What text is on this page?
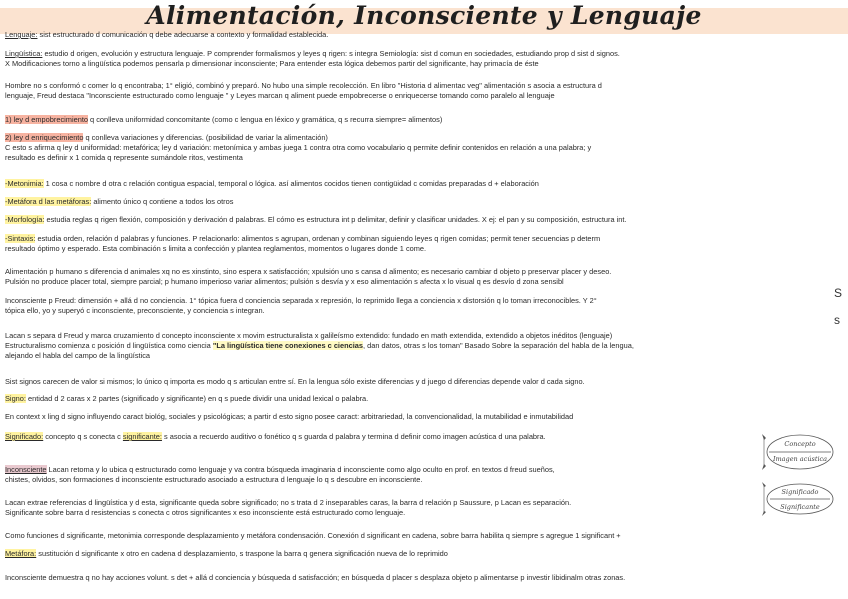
Alimentación, Inconsciente y Lenguaje
Lenguaje: sist estructurado d comunicación q debe adecuarse a contexto y formalidad establecida.
Lingüística: estudio d origen, evolución y estructura lenguaje. P comprender formalismos y leyes q rigen: s integra Semiología: sist d comun en sociedades, estudiando prop d sist d signos.
X Modificaciones torno a lingüística podemos pensarla p dimensionar inconsciente; Para entender esta lógica debemos partir del significante, hay primacía de éste
Hombre no s conformó c comer lo q encontraba; 1° eligió, combinó y preparó. No hubo una simple recolección. En libro "Historia d alimentac veg" alimentación s asocia a estructura d
lenguaje, Freud destaca "Inconsciente estructurado como lenguaje " y Leyes marcan q aliment puede empobrecerse o enriquecerse tomando como paralelo al lenguaje
1) ley d empobrecimiento q conlleva uniformidad concomitante (como c lengua en léxico y gramática, q s recurra siempre= alimentos)
2) ley d enriquecimiento q conlleva variaciones y diferencias. (posibilidad de variar la alimentación)
C esto s afirma q ley d uniformidad: metafórica; ley d variación: metonímica y ambas juega 1 contra otra como vocabulario q permite definir contenidos en relación a una palabra; y
resultado es definir x 1 comida q represente sumándole ritos, vestimenta
-Metonimia: 1 cosa c nombre d otra c relación contigua espacial, temporal o lógica. así alimentos cocidos tienen contigüidad c comidas preparadas d + elaboración
-Metáfora d las metáforas: alimento único q contiene a todos los otros
-Morfología: estudia reglas q rigen flexión, composición y derivación d palabras. El cómo es estructura int p delimitar, definir y clasificar unidades. X ej: el pan y su composición, estructura int.
-Sintaxis: estudia orden, relación d palabras y funciones. P relacionarlo: alimentos s agrupan, ordenan y combinan siguiendo leyes q rigen comidas; permit tener secuencias p determ
resultado óptimo y esperado. Esta combinación s limita a confección y plantea reglamentos, momentos o lugares donde 1 come.
Alimentación p humano s diferencia d animales xq no es xinstinto, sino espera x satisfacción; xpulsión uno s cansa d alimento; es necesario cambiar d objeto p preservar placer y deseo.
Pulsión no produce placer total, siempre parcial; p humano imperioso variar alimentos; pulsión s desvía y x eso alimentación s afecta x lo visual q es desvío d zona sensibl
Inconsciente p Freud: dimensión + allá d no conciencia. 1° tópica fuera d conciencia separada x represión, lo reprimido llega a conciencia x distorsión q lo toman irreconocibles. Y 2°
tópica ello, yo y superyó c inconsciente, preconsciente, y conciencia s integran.
S
s
Lacan s separa d Freud y marca cruzamiento d concepto inconsciente x movim estructuralista x galileísmo extendido: fundado en math extendida, extendido a objetos inéditos (lenguaje)
Estructuralismo comienza c posición d lingüística como ciencia "La lingüística tiene conexiones c ciencias, dan datos, otras s los toman" Basado Sobre la separación del habla de la lengua,
alejando el habla del campo de la lingüística
Sist signos carecen de valor si mismos; lo único q importa es modo q s articulan entre sí. En la lengua sólo existe diferencias y d juego d diferencias depende valor d cada signo.
Signo: entidad d 2 caras x 2 partes (significado y significante) en q s puede dividir una unidad lexical o palabra.
En context x ling d signo influyendo caract biológ, sociales y psicológicas; a partir d esto signo posee caract: arbitrariedad, la convencionalidad, la mutabilidad e inmutabilidad
Significado: concepto q s conecta c significante: s asocia a recuerdo auditivo o fonético q s guarda d palabra y termina d definir como imagen acústica d una palabra.
Inconsciente Lacan retoma y lo ubica q estructurado como lenguaje y va contra búsqueda imaginaria d inconsciente como algo oculto en prof. en textos d freud sueños,
chistes, olvidos, son formaciones d inconsciente estructurado asociado a estructura d lenguaje lo q s descubre en inconsciente.
Lacan extrae referencias d lingüística y d esta, significante queda sobre significado; no s trata d 2 inseparables caras, la barra d relación p Saussure, p Lacan es separación.
Significante sobre barra d resistencias s conecta c otros significantes x eso inconsciente está estructurado como lenguaje.
Como funciones d significante, metonimia corresponde desplazamiento y metáfora condensación. Conexión d significant en cadena, sobre barra habilita q siempre s agregue 1 significant +
Metáfora: sustitución d significante x otro en cadena d desplazamiento, s traspone la barra q genera significación nueva de lo reprimido
Inconsciente demuestra q no hay acciones volunt. s det + allá d conciencia y búsqueda d satisfacción; en búsqueda d placer s desplaza objeto p alimentarse p investir libidinalm otras zonas.
Concepto
Imagen acústica
Significado
Significante
